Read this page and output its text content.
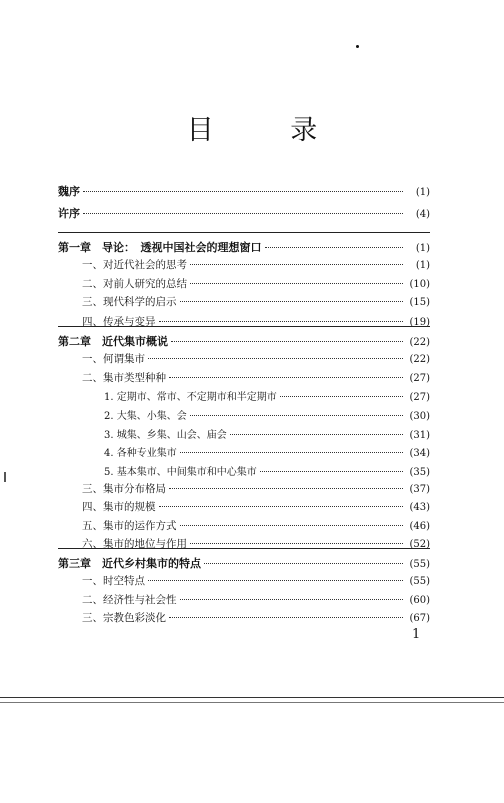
目 录
魏序	(1)
许序	(4)
第一章　导论：　透视中国社会的理想窗口	(1)
一、对近代社会的思考	(1)
二、对前人研究的总结	(10)
三、现代科学的启示	(15)
四、传承与变异	(19)
第二章　近代集市概说	(22)
一、何谓集市	(22)
二、集市类型种种	(27)
1. 定期市、常市、不定期市和半定期市	(27)
2. 大集、小集、会	(30)
3. 城集、乡集、山会、庙会	(31)
4. 各种专业集市	(34)
5. 基本集市、中间集市和中心集市	(35)
三、集市分布格局	(37)
四、集市的规模	(43)
五、集市的运作方式	(46)
六、集市的地位与作用	(52)
第三章　近代乡村集市的特点	(55)
一、时空特点	(55)
二、经济性与社会性	(60)
三、宗教色彩淡化	(67)
1
